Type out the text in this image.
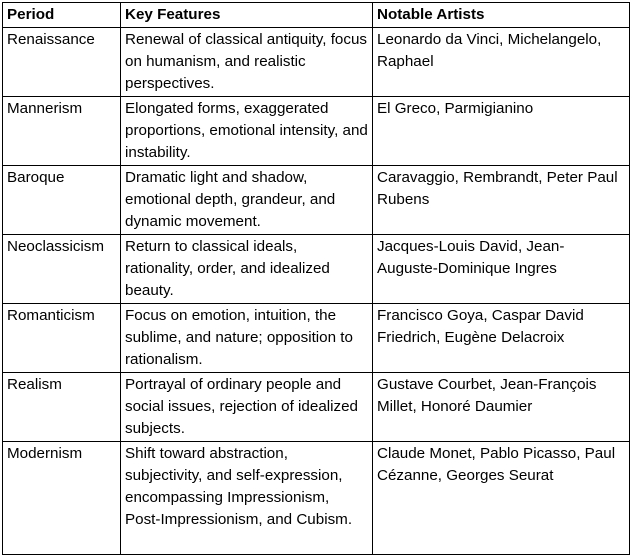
Period	Key Features	Notable Artists
Renaissance	Renewal of classical antiquity, focus on humanism, and realistic perspectives.	Leonardo da Vinci, Michelangelo, Raphael
Mannerism	Elongated forms, exaggerated proportions, emotional intensity, and instability.	El Greco, Parmigianino
Baroque	Dramatic light and shadow, emotional depth, grandeur, and dynamic movement.	Caravaggio, Rembrandt, Peter Paul Rubens
Neoclassicism	Return to classical ideals, rationality, order, and idealized beauty.	Jacques-Louis David, Jean-Auguste-Dominique Ingres
Romanticism	Focus on emotion, intuition, the sublime, and nature; opposition to rationalism.	Francisco Goya, Caspar David Friedrich, Eugène Delacroix
Realism	Portrayal of ordinary people and social issues, rejection of idealized subjects.	Gustave Courbet, Jean-François Millet, Honoré Daumier
Modernism	Shift toward abstraction, subjectivity, and self-expression, encompassing Impressionism, Post-Impressionism, and Cubism.	Claude Monet, Pablo Picasso, Paul Cézanne, Georges Seurat
